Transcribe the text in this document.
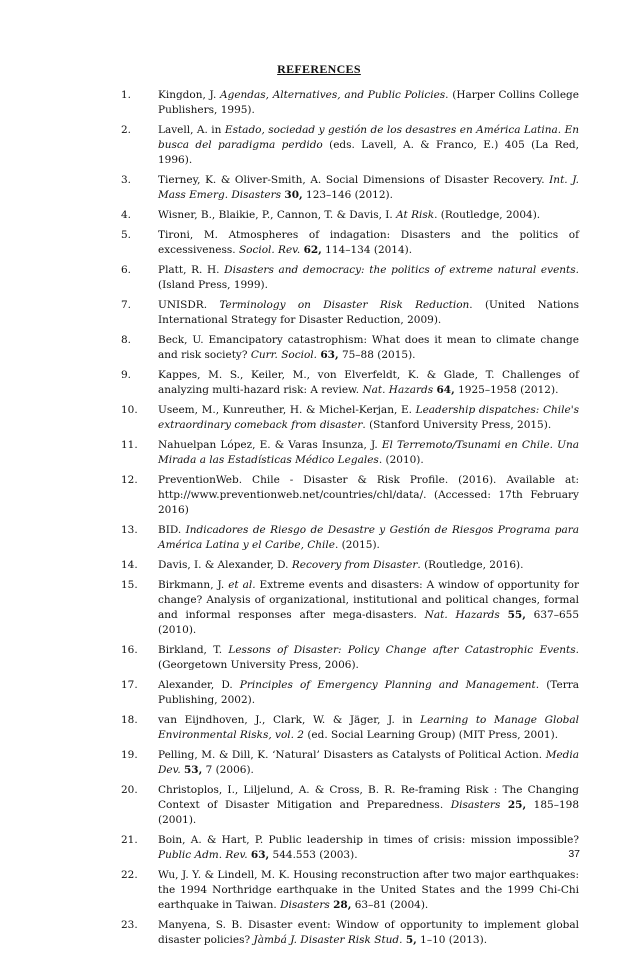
REFERENCES
1.	Kingdon, J. Agendas, Alternatives, and Public Policies. (Harper Collins College Publishers, 1995).
2.	Lavell, A. in Estado, sociedad y gestión de los desastres en América Latina. En busca del paradigma perdido (eds. Lavell, A. & Franco, E.) 405 (La Red, 1996).
3.	Tierney, K. & Oliver-Smith, A. Social Dimensions of Disaster Recovery. Int. J. Mass Emerg. Disasters 30, 123–146 (2012).
4.	Wisner, B., Blaikie, P., Cannon, T. & Davis, I. At Risk. (Routledge, 2004).
5.	Tironi, M. Atmospheres of indagation: Disasters and the politics of excessiveness. Sociol. Rev. 62, 114–134 (2014).
6.	Platt, R. H. Disasters and democracy: the politics of extreme natural events. (Island Press, 1999).
7.	UNISDR. Terminology on Disaster Risk Reduction. (United Nations International Strategy for Disaster Reduction, 2009).
8.	Beck, U. Emancipatory catastrophism: What does it mean to climate change and risk society? Curr. Sociol. 63, 75–88 (2015).
9.	Kappes, M. S., Keiler, M., von Elverfeldt, K. & Glade, T. Challenges of analyzing multi-hazard risk: A review. Nat. Hazards 64, 1925–1958 (2012).
10.	Useem, M., Kunreuther, H. & Michel-Kerjan, E. Leadership dispatches: Chile's extraordinary comeback from disaster. (Stanford University Press, 2015).
11.	Nahuelpan López, E. & Varas Insunza, J. El Terremoto/Tsunami en Chile. Una Mirada a las Estadísticas Médico Legales. (2010).
12.	PreventionWeb. Chile - Disaster & Risk Profile. (2016). Available at: http://www.preventionweb.net/countries/chl/data/. (Accessed: 17th February 2016)
13.	BID. Indicadores de Riesgo de Desastre y Gestión de Riesgos Programa para América Latina y el Caribe, Chile. (2015).
14.	Davis, I. & Alexander, D. Recovery from Disaster. (Routledge, 2016).
15.	Birkmann, J. et al. Extreme events and disasters: A window of opportunity for change? Analysis of organizational, institutional and political changes, formal and informal responses after mega-disasters. Nat. Hazards 55, 637–655 (2010).
16.	Birkland, T. Lessons of Disaster: Policy Change after Catastrophic Events. (Georgetown University Press, 2006).
17.	Alexander, D. Principles of Emergency Planning and Management. (Terra Publishing, 2002).
18.	van Eijndhoven, J., Clark, W. & Jäger, J. in Learning to Manage Global Environmental Risks, vol. 2 (ed. Social Learning Group) (MIT Press, 2001).
19.	Pelling, M. & Dill, K. ‘Natural’ Disasters as Catalysts of Political Action. Media Dev. 53, 7 (2006).
20.	Christoplos, I., Liljelund, A. & Cross, B. R. Re-framing Risk : The Changing Context of Disaster Mitigation and Preparedness. Disasters 25, 185–198 (2001).
21.	Boin, A. & Hart, P. Public leadership in times of crisis: mission impossible? Public Adm. Rev. 63, 544.553 (2003).
22.	Wu, J. Y. & Lindell, M. K. Housing reconstruction after two major earthquakes: the 1994 Northridge earthquake in the United States and the 1999 Chi-Chi earthquake in Taiwan. Disasters 28, 63–81 (2004).
23.	Manyena, S. B. Disaster event: Window of opportunity to implement global disaster policies? Jàmbá J. Disaster Risk Stud. 5, 1–10 (2013).
37
